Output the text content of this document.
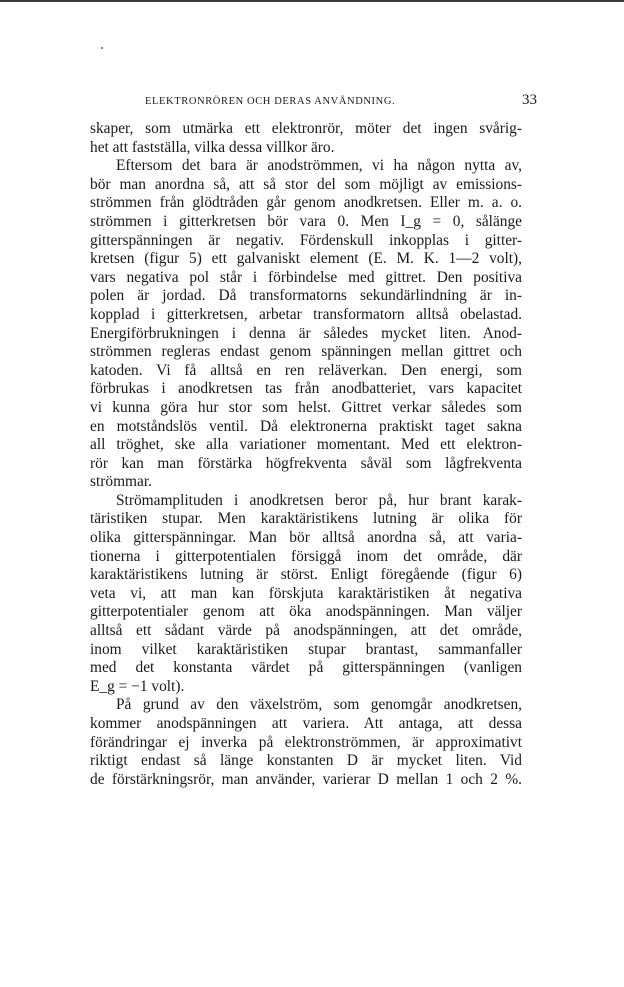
ELEKTRONRÖREN OCH DERAS ANVÄNDNING.	33
skaper, som utmärka ett elektronrör, möter det ingen svårig-
het att fastställa, vilka dessa villkor äro.
Eftersom det bara är anodströmmen, vi ha någon nytta av,
bör man anordna så, att så stor del som möjligt av emissions-
strömmen från glödtråden går genom anodkretsen. Eller m. a. o.
strömmen i gitterkretsen bör vara 0. Men I_g = 0, sålänge
gitterspänningen är negativ. Fördenskull inkopplas i gitter-
kretsen (figur 5) ett galvaniskt element (E. M. K. 1—2 volt),
vars negativa pol står i förbindelse med gittret. Den positiva
polen är jordad. Då transformatorns sekundärlindning är in-
kopplad i gitterkretsen, arbetar transformatorn alltså obelastad.
Energiförbrukningen i denna är således mycket liten. Anod-
strömmen regleras endast genom spänningen mellan gittret och
katoden. Vi få alltså en ren reläverkan. Den energi, som
förbrukas i anodkretsen tas från anodbatteriet, vars kapacitet
vi kunna göra hur stor som helst. Gittret verkar således som
en motståndslös ventil. Då elektronerna praktiskt taget sakna
all tröghet, ske alla variationer momentant. Med ett elektron-
rör kan man förstärka högfrekventa såväl som lågfrekventa
strömmar.
Strömamplituden i anodkretsen beror på, hur brant karak-
täristiken stupar. Men karaktäristikens lutning är olika för
olika gitterspänningar. Man bör alltså anordna så, att varia-
tionerna i gitterpotentialen försiggå inom det område, där
karaktäristikens lutning är störst. Enligt föregående (figur 6)
veta vi, att man kan förskjuta karaktäristiken åt negativa
gitterpotentialer genom att öka anodspänningen. Man väljer
alltså ett sådant värde på anodspänningen, att det område,
inom vilket karaktäristiken stupar brantast, sammanfaller
med det konstanta värdet på gitterspänningen (vanligen
E_g = −1 volt).
På grund av den växelström, som genomgår anodkretsen,
kommer anodspänningen att variera. Att antaga, att dessa
förändringar ej inverka på elektronströmmen, är approximativt
riktigt endast så länge konstanten D är mycket liten. Vid
de förstärkningsrör, man använder, varierar D mellan 1 och 2 %.
